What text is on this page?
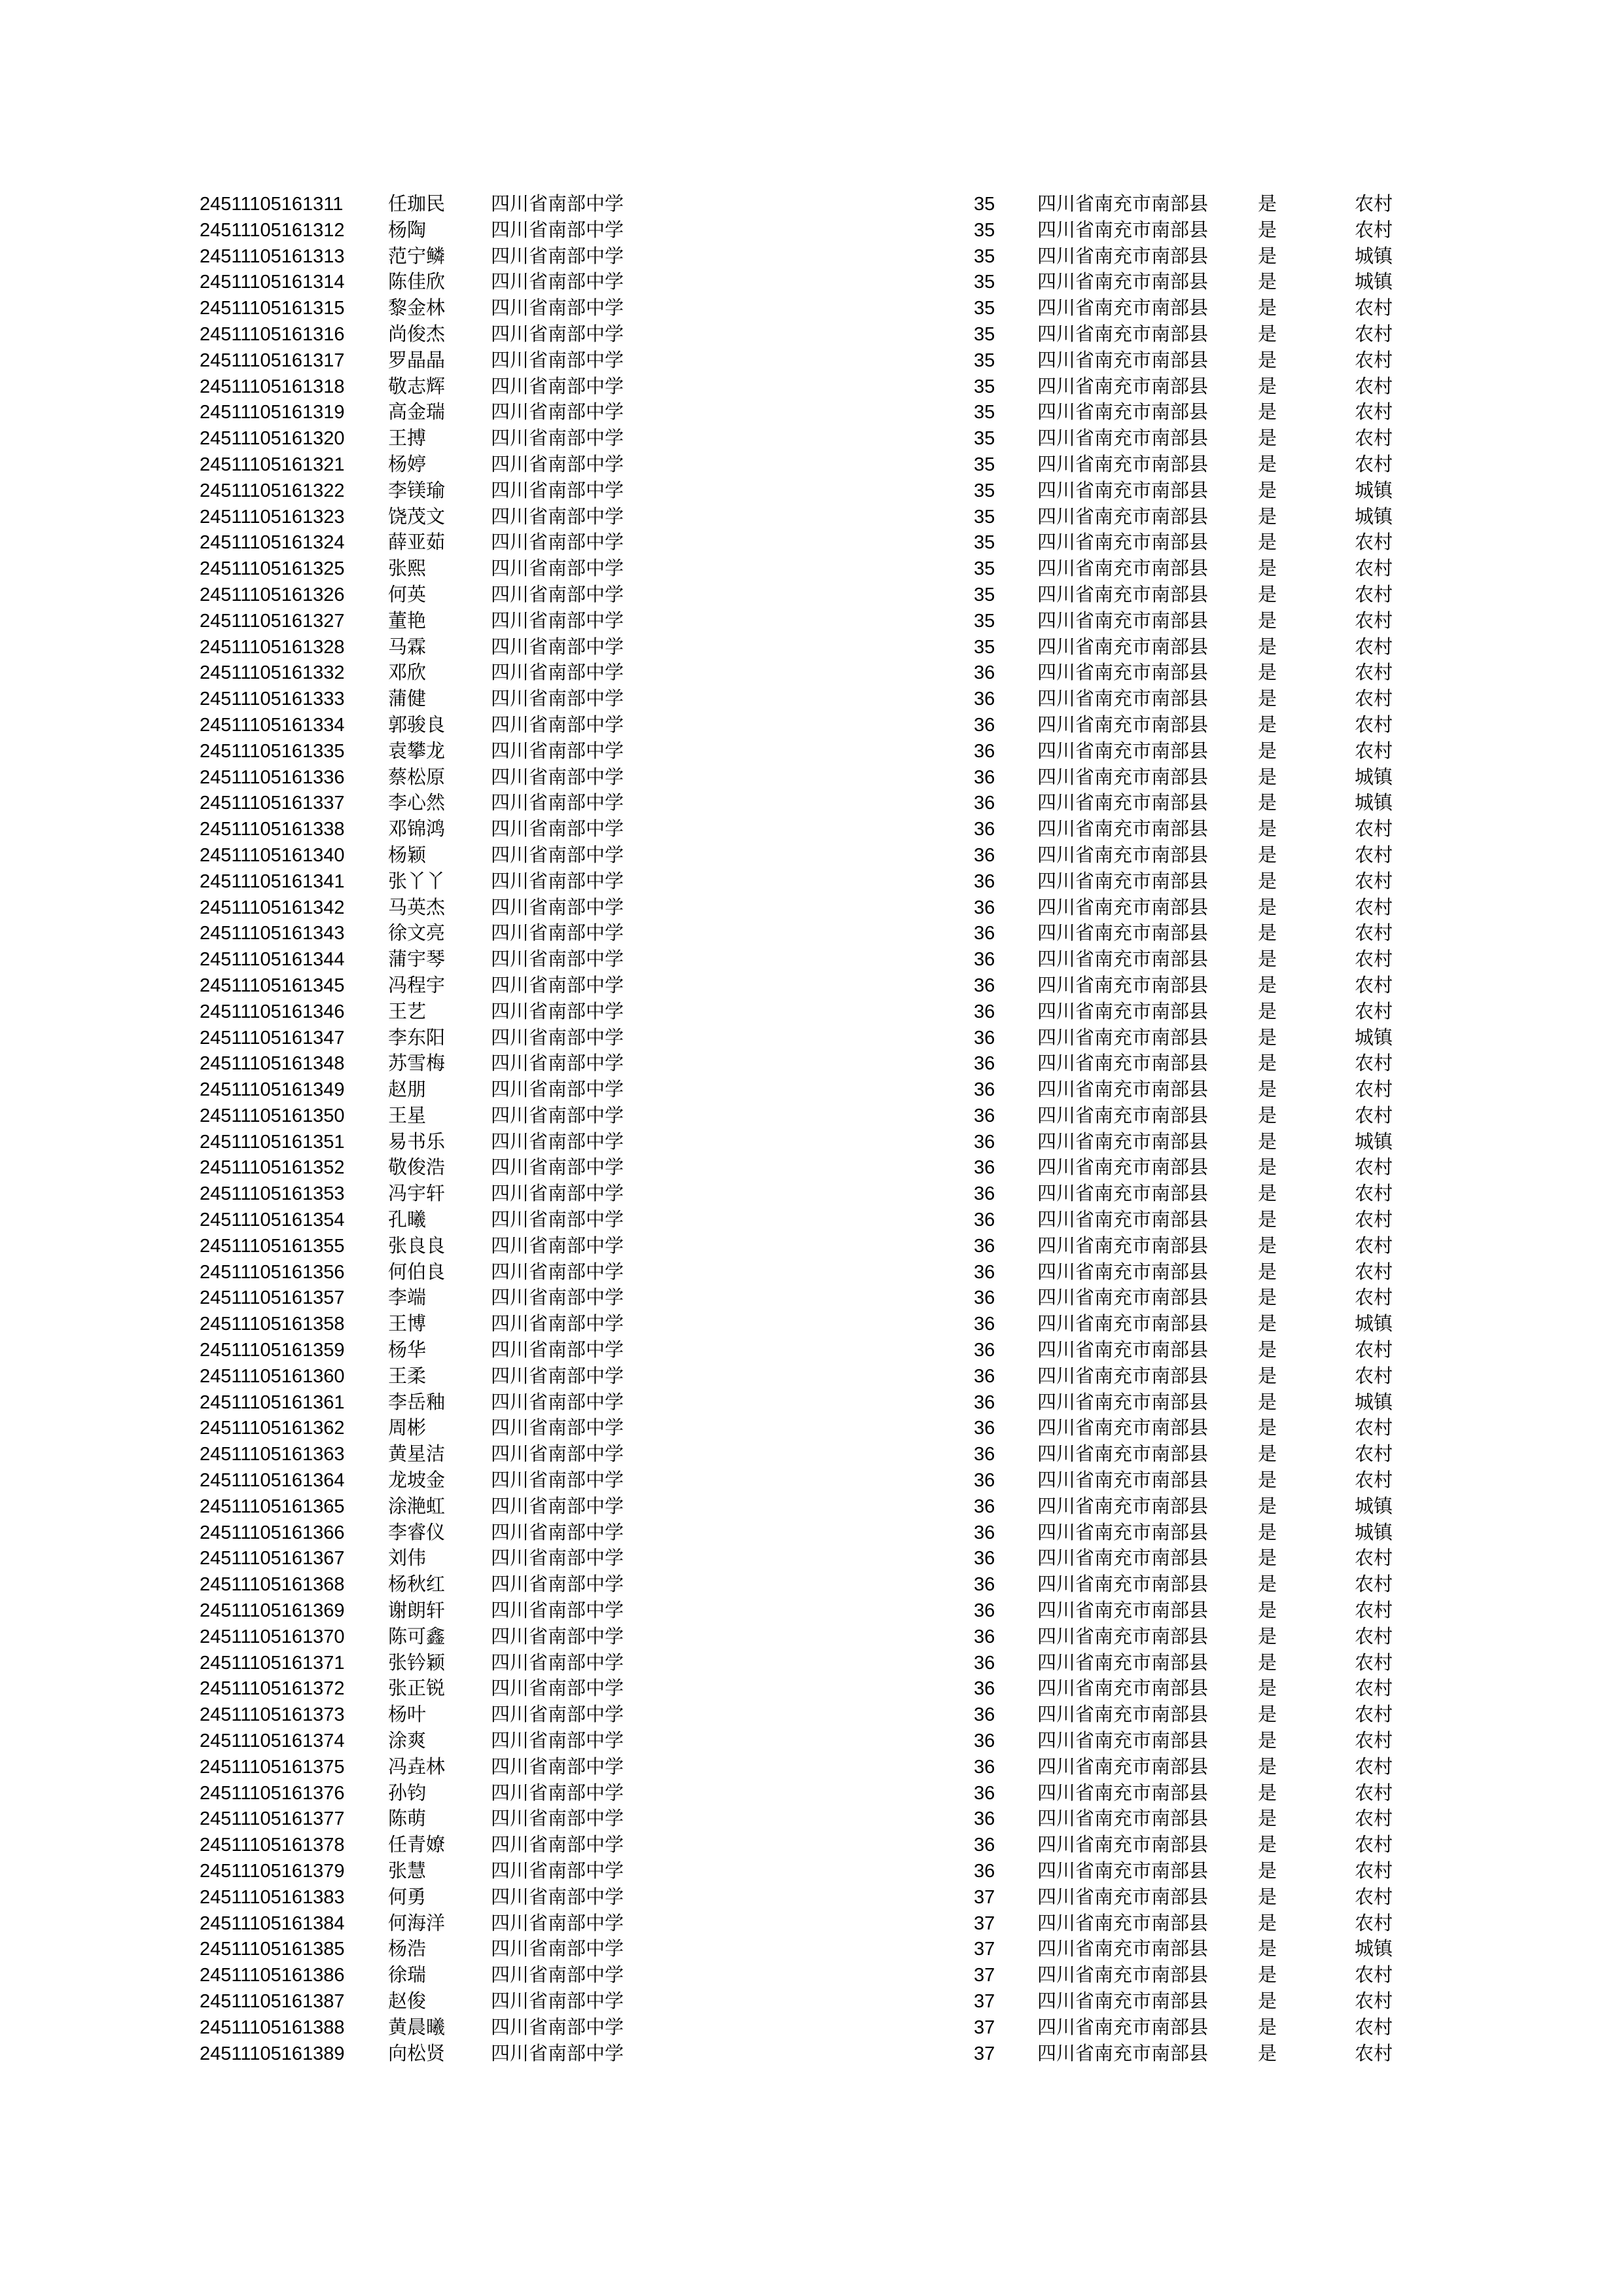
24511105161311 任珈民 四川省南部中学	35 四川省南充市南部县	是	农村
24511105161312 杨陶	四川省南部中学	35 四川省南充市南部县	是	农村
24511105161313 范宁鳞 四川省南部中学	35 四川省南充市南部县	是	城镇
24511105161314 陈佳欣 四川省南部中学	35 四川省南充市南部县	是	城镇
24511105161315 黎金林 四川省南部中学	35 四川省南充市南部县	是	农村
24511105161316 尚俊杰 四川省南部中学	35 四川省南充市南部县	是	农村
24511105161317 罗晶晶 四川省南部中学	35 四川省南充市南部县	是	农村
24511105161318 敬志辉 四川省南部中学	35 四川省南充市南部县	是	农村
24511105161319 高金瑞 四川省南部中学	35 四川省南充市南部县	是	农村
24511105161320 王搏	四川省南部中学	35 四川省南充市南部县	是	农村
24511105161321 杨婷	四川省南部中学	35 四川省南充市南部县	是	农村
24511105161322 李镁瑜 四川省南部中学	35 四川省南充市南部县	是	城镇
24511105161323 饶茂文 四川省南部中学	35 四川省南充市南部县	是	城镇
24511105161324 薛亚茹 四川省南部中学	35 四川省南充市南部县	是	农村
24511105161325 张熙	四川省南部中学	35 四川省南充市南部县	是	农村
24511105161326 何英	四川省南部中学	35 四川省南充市南部县	是	农村
24511105161327 董艳	四川省南部中学	35 四川省南充市南部县	是	农村
24511105161328 马霖	四川省南部中学	35 四川省南充市南部县	是	农村
24511105161332 邓欣	四川省南部中学	36 四川省南充市南部县	是	农村
24511105161333 蒲健	四川省南部中学	36 四川省南充市南部县	是	农村
24511105161334 郭骏良 四川省南部中学	36 四川省南充市南部县	是	农村
24511105161335 袁攀龙 四川省南部中学	36 四川省南充市南部县	是	农村
24511105161336 蔡松原 四川省南部中学	36 四川省南充市南部县	是	城镇
24511105161337 李心然 四川省南部中学	36 四川省南充市南部县	是	城镇
24511105161338 邓锦鸿 四川省南部中学	36 四川省南充市南部县	是	农村
24511105161340 杨颖	四川省南部中学	36 四川省南充市南部县	是	农村
24511105161341 张丫丫 四川省南部中学	36 四川省南充市南部县	是	农村
24511105161342 马英杰 四川省南部中学	36 四川省南充市南部县	是	农村
24511105161343 徐文亮 四川省南部中学	36 四川省南充市南部县	是	农村
24511105161344 蒲宇琴 四川省南部中学	36 四川省南充市南部县	是	农村
24511105161345 冯程宇 四川省南部中学	36 四川省南充市南部县	是	农村
24511105161346 王艺	四川省南部中学	36 四川省南充市南部县	是	农村
24511105161347 李东阳 四川省南部中学	36 四川省南充市南部县	是	城镇
24511105161348 苏雪梅 四川省南部中学	36 四川省南充市南部县	是	农村
24511105161349 赵朋	四川省南部中学	36 四川省南充市南部县	是	农村
24511105161350 王星	四川省南部中学	36 四川省南充市南部县	是	农村
24511105161351 易书乐 四川省南部中学	36 四川省南充市南部县	是	城镇
24511105161352 敬俊浩 四川省南部中学	36 四川省南充市南部县	是	农村
24511105161353 冯宇轩 四川省南部中学	36 四川省南充市南部县	是	农村
24511105161354 孔曦	四川省南部中学	36 四川省南充市南部县	是	农村
24511105161355 张良良 四川省南部中学	36 四川省南充市南部县	是	农村
24511105161356 何伯良 四川省南部中学	36 四川省南充市南部县	是	农村
24511105161357 李端	四川省南部中学	36 四川省南充市南部县	是	农村
24511105161358 王博	四川省南部中学	36 四川省南充市南部县	是	城镇
24511105161359 杨华	四川省南部中学	36 四川省南充市南部县	是	农村
24511105161360 王柔	四川省南部中学	36 四川省南充市南部县	是	农村
24511105161361 李岳釉 四川省南部中学	36 四川省南充市南部县	是	城镇
24511105161362 周彬	四川省南部中学	36 四川省南充市南部县	是	农村
24511105161363 黄星洁 四川省南部中学	36 四川省南充市南部县	是	农村
24511105161364 龙坡金 四川省南部中学	36 四川省南充市南部县	是	农村
24511105161365 涂滟虹 四川省南部中学	36 四川省南充市南部县	是	城镇
24511105161366 李睿仪 四川省南部中学	36 四川省南充市南部县	是	城镇
24511105161367 刘伟	四川省南部中学	36 四川省南充市南部县	是	农村
24511105161368 杨秋红 四川省南部中学	36 四川省南充市南部县	是	农村
24511105161369 谢朗轩 四川省南部中学	36 四川省南充市南部县	是	农村
24511105161370 陈可鑫 四川省南部中学	36 四川省南充市南部县	是	农村
24511105161371 张钤颖 四川省南部中学	36 四川省南充市南部县	是	农村
24511105161372 张正锐 四川省南部中学	36 四川省南充市南部县	是	农村
24511105161373 杨叶	四川省南部中学	36 四川省南充市南部县	是	农村
24511105161374 涂爽	四川省南部中学	36 四川省南充市南部县	是	农村
24511105161375 冯垚林 四川省南部中学	36 四川省南充市南部县	是	农村
24511105161376 孙钧	四川省南部中学	36 四川省南充市南部县	是	农村
24511105161377 陈萌	四川省南部中学	36 四川省南充市南部县	是	农村
24511105161378 任青嫽 四川省南部中学	36 四川省南充市南部县	是	农村
24511105161379 张慧	四川省南部中学	36 四川省南充市南部县	是	农村
24511105161383 何勇	四川省南部中学	37 四川省南充市南部县	是	农村
24511105161384 何海洋 四川省南部中学	37 四川省南充市南部县	是	农村
24511105161385 杨浩	四川省南部中学	37 四川省南充市南部县	是	城镇
24511105161386 徐瑞	四川省南部中学	37 四川省南充市南部县	是	农村
24511105161387 赵俊	四川省南部中学	37 四川省南充市南部县	是	农村
24511105161388 黄晨曦 四川省南部中学	37 四川省南充市南部县	是	农村
24511105161389 向松贤 四川省南部中学	37 四川省南充市南部县	是	农村
